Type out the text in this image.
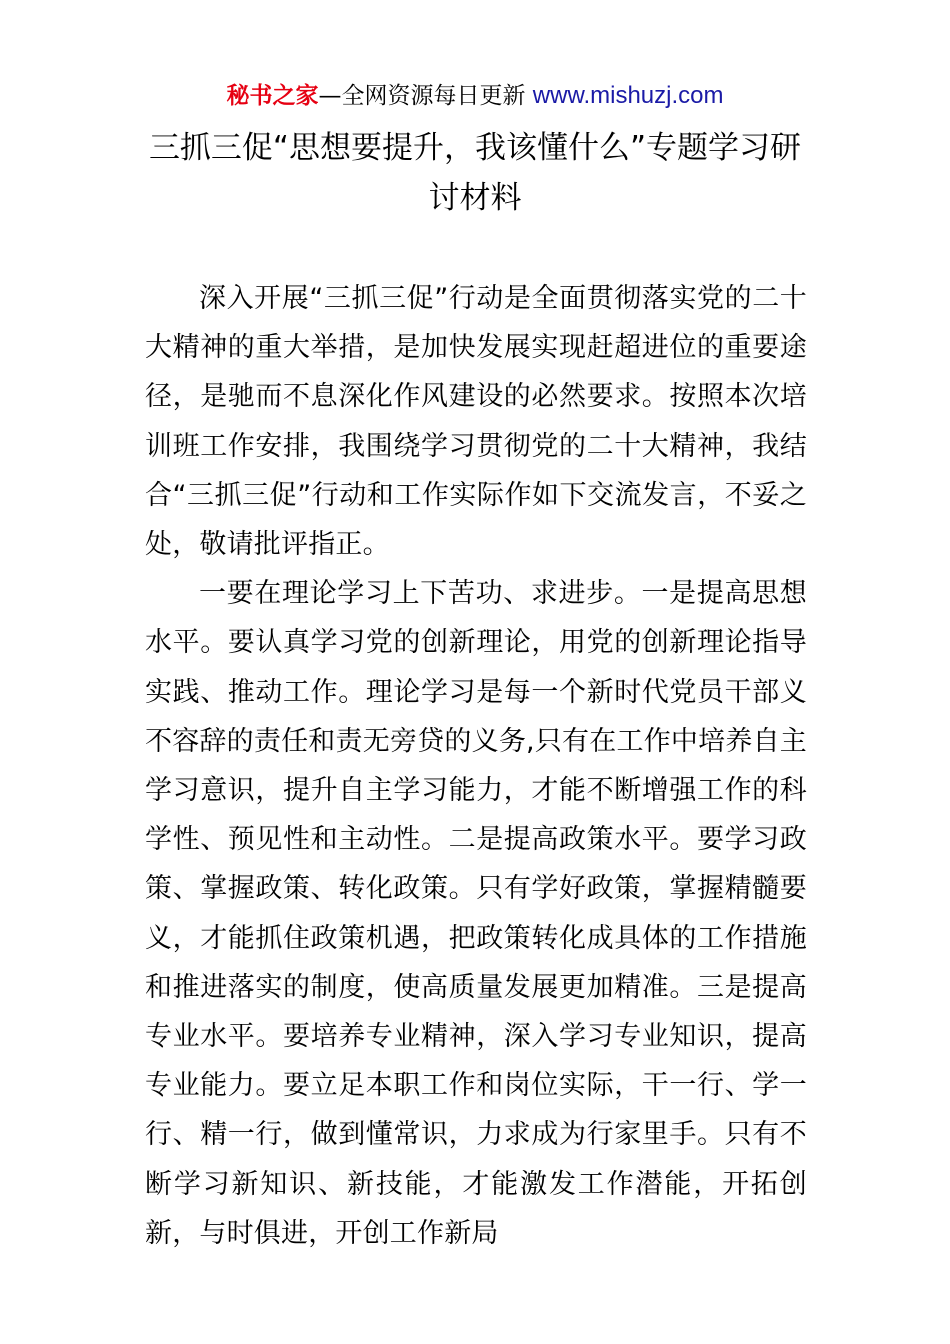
秘书之家—全网资源每日更新 www.mishuzj.com
三抓三促“思想要提升，我该懂什么”专题学习研讨材料

深入开展“三抓三促”行动是全面贯彻落实党的二十大精神的重大举措，是加快发展实现赶超进位的重要途径，是驰而不息深化作风建设的必然要求。按照本次培训班工作安排，我围绕学习贯彻党的二十大精神，我结合“三抓三促”行动和工作实际作如下交流发言，不妥之处，敬请批评指正。

一要在理论学习上下苦功、求进步。一是提高思想水平。要认真学习党的创新理论，用党的创新理论指导实践、推动工作。理论学习是每一个新时代党员干部义不容辞的责任和责无旁贷的义务,只有在工作中培养自主学习意识，提升自主学习能力，才能不断增强工作的科学性、预见性和主动性。二是提高政策水平。要学习政策、掌握政策、转化政策。只有学好政策，掌握精髓要义，才能抓住政策机遇，把政策转化成具体的工作措施和推进落实的制度，使高质量发展更加精准。三是提高专业水平。要培养专业精神，深入学习专业知识，提高专业能力。要立足本职工作和岗位实际，干一行、学一行、精一行，做到懂常识，力求成为行家里手。只有不断学习新知识、新技能，才能激发工作潜能，开拓创新，与时俱进，开创工作新局
